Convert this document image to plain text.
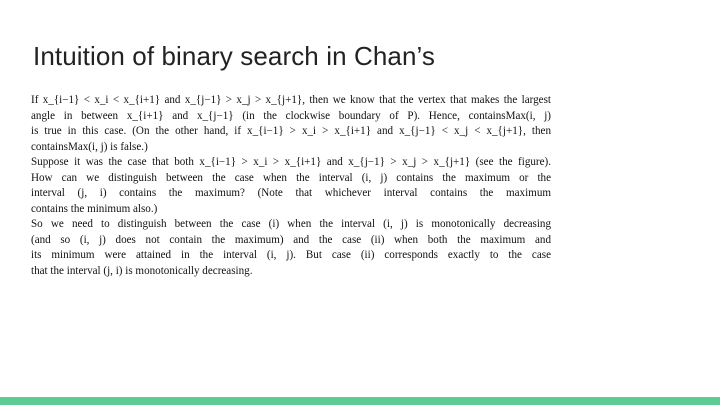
Intuition of binary search in Chan’s
If x_{i−1} < x_i < x_{i+1} and x_{j−1} > x_j > x_{j+1}, then we know that the vertex that makes the largest
angle in between x_{i+1} and x_{j−1} (in the clockwise boundary of P). Hence, containsMax(i, j)
is true in this case. (On the other hand, if x_{i−1} > x_i > x_{i+1} and x_{j−1} < x_j < x_{j+1}, then
containsMax(i, j) is false.)
Suppose it was the case that both x_{i−1} > x_i > x_{i+1} and x_{j−1} > x_j > x_{j+1} (see the figure).
How can we distinguish between the case when the interval (i, j) contains the maximum or the
interval (j, i) contains the maximum? (Note that whichever interval contains the maximum
contains the minimum also.)
So we need to distinguish between the case (i) when the interval (i, j) is monotonically decreasing
(and so (i, j) does not contain the maximum) and the case (ii) when both the maximum and
its minimum were attained in the interval (i, j). But case (ii) corresponds exactly to the case
that the interval (j, i) is monotonically decreasing.
